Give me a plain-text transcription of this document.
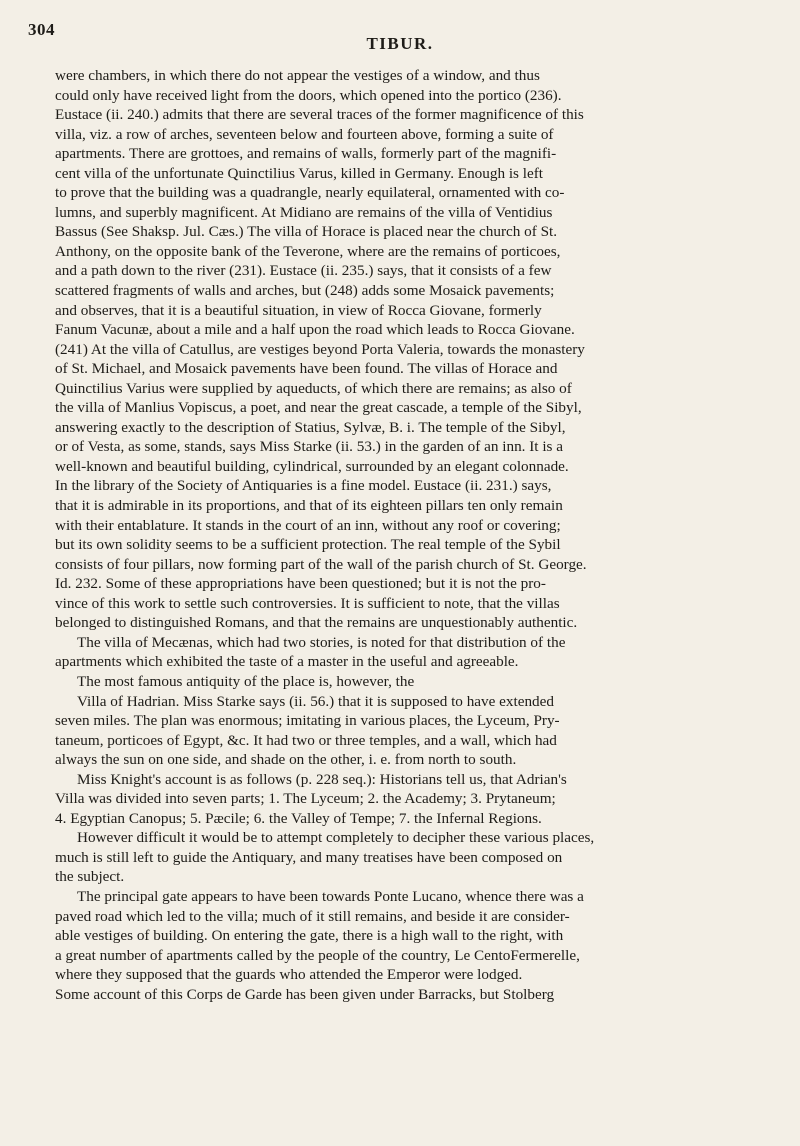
304
TIBUR.
were chambers, in which there do not appear the vestiges of a window, and thus
could only have received light from the doors, which opened into the portico (236).
Eustace (ii. 240.) admits that there are several traces of the former magnificence of this
villa, viz. a row of arches, seventeen below and fourteen above, forming a suite of
apartments. There are grottoes, and remains of walls, formerly part of the magnifi-
cent villa of the unfortunate Quinctilius Varus, killed in Germany. Enough is left
to prove that the building was a quadrangle, nearly equilateral, ornamented with co-
lumns, and superbly magnificent. At Midiano are remains of the villa of Ventidius
Bassus (See Shaksp. Jul. Cæs.) The villa of Horace is placed near the church of St.
Anthony, on the opposite bank of the Teverone, where are the remains of porticoes,
and a path down to the river (231). Eustace (ii. 235.) says, that it consists of a few
scattered fragments of walls and arches, but (248) adds some Mosaick pavements;
and observes, that it is a beautiful situation, in view of Rocca Giovane, formerly
Fanum Vacunæ, about a mile and a half upon the road which leads to Rocca Giovane.
(241) At the villa of Catullus, are vestiges beyond Porta Valeria, towards the monastery
of St. Michael, and Mosaick pavements have been found. The villas of Horace and
Quinctilius Varius were supplied by aqueducts, of which there are remains; as also of
the villa of Manlius Vopiscus, a poet, and near the great cascade, a temple of the Sibyl,
answering exactly to the description of Statius, Sylvæ, B. i. The temple of the Sibyl,
or of Vesta, as some, stands, says Miss Starke (ii. 53.) in the garden of an inn. It is a
well-known and beautiful building, cylindrical, surrounded by an elegant colonnade.
In the library of the Society of Antiquaries is a fine model. Eustace (ii. 231.) says,
that it is admirable in its proportions, and that of its eighteen pillars ten only remain
with their entablature. It stands in the court of an inn, without any roof or covering;
but its own solidity seems to be a sufficient protection. The real temple of the Sybil
consists of four pillars, now forming part of the wall of the parish church of St. George.
Id. 232. Some of these appropriations have been questioned; but it is not the pro-
vince of this work to settle such controversies. It is sufficient to note, that the villas
belonged to distinguished Romans, and that the remains are unquestionably authentic.
The villa of Mecænas, which had two stories, is noted for that distribution of the
apartments which exhibited the taste of a master in the useful and agreeable.
The most famous antiquity of the place is, however, the
Villa of Hadrian. Miss Starke says (ii. 56.) that it is supposed to have extended
seven miles. The plan was enormous; imitating in various places, the Lyceum, Pry-
taneum, porticoes of Egypt, &c. It had two or three temples, and a wall, which had
always the sun on one side, and shade on the other, i. e. from north to south.
Miss Knight's account is as follows (p. 228 seq.): Historians tell us, that Adrian's
Villa was divided into seven parts; 1. The Lyceum; 2. the Academy; 3. Prytaneum;
4. Egyptian Canopus; 5. Pæcile; 6. the Valley of Tempe; 7. the Infernal Regions.
However difficult it would be to attempt completely to decipher these various places,
much is still left to guide the Antiquary, and many treatises have been composed on
the subject.
The principal gate appears to have been towards Ponte Lucano, whence there was a
paved road which led to the villa; much of it still remains, and beside it are consider-
able vestiges of building. On entering the gate, there is a high wall to the right, with
a great number of apartments called by the people of the country, Le CentoFermerelle,
where they supposed that the guards who attended the Emperor were lodged.
Some account of this Corps de Garde has been given under Barracks, but Stolberg
